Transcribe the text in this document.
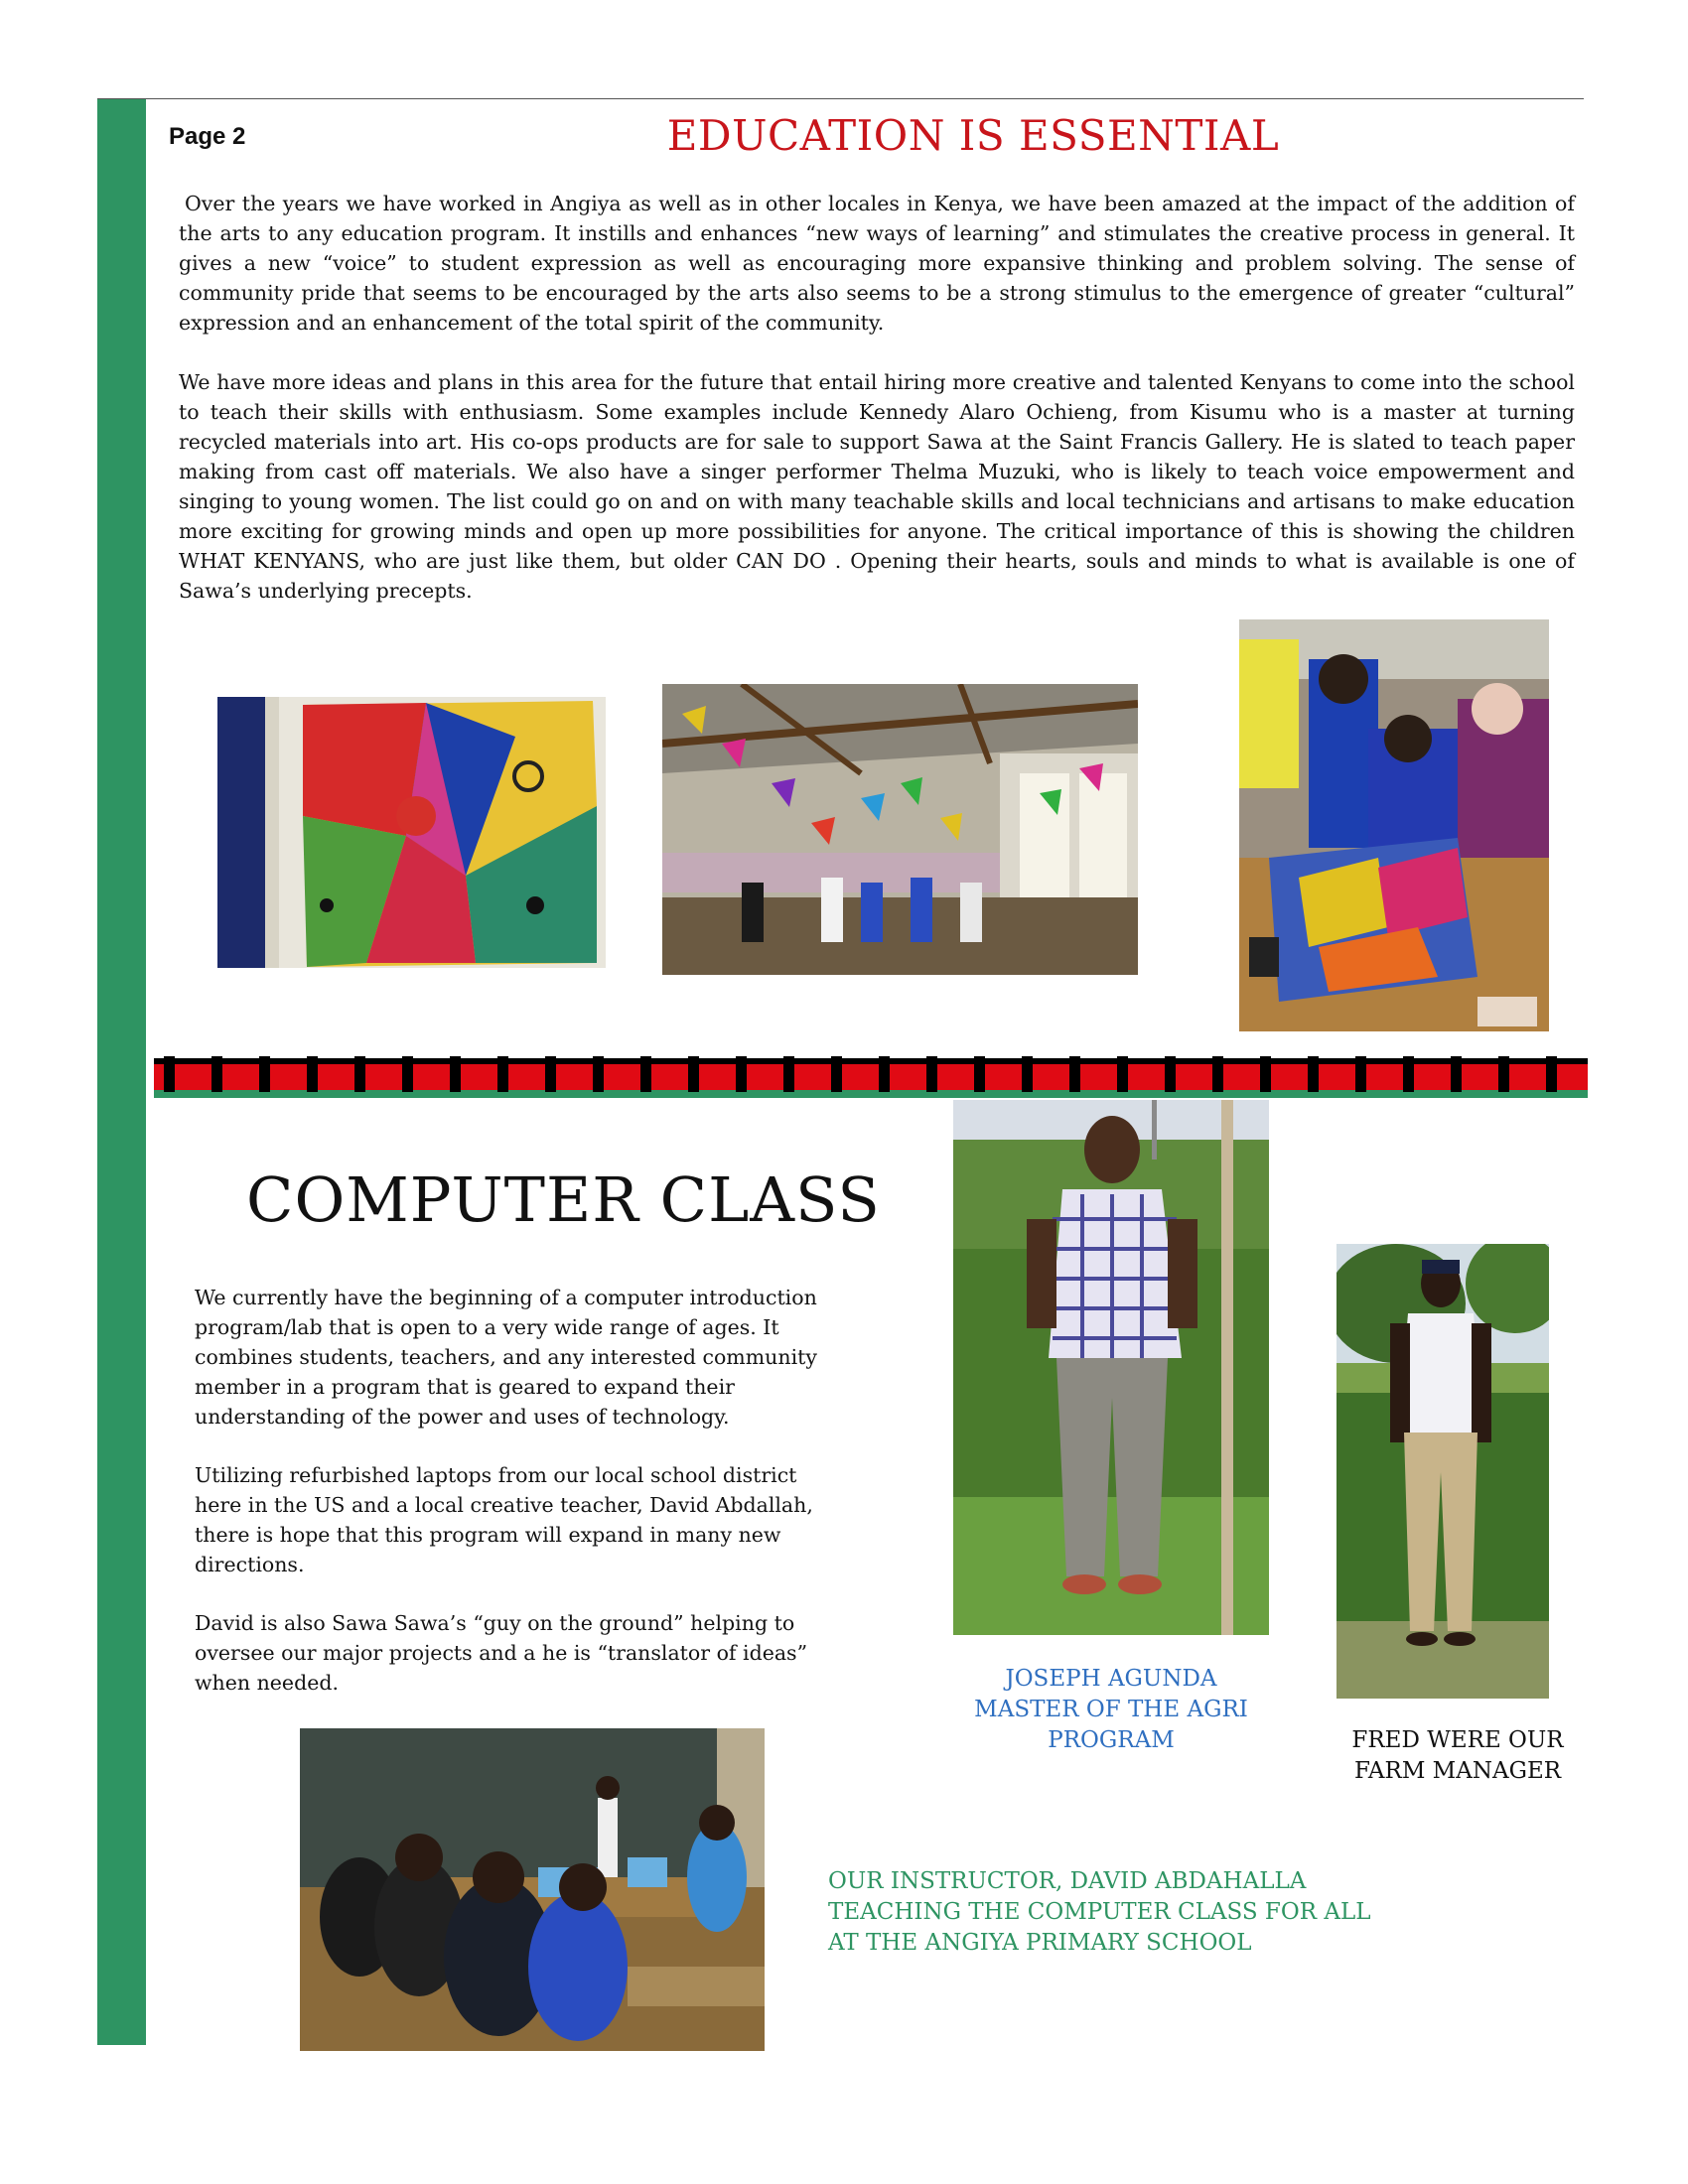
Page 2	EDUCATION IS ESSENTIAL

Over the years we have worked in Angiya as well as in other locales in Kenya, we have been amazed at the impact of the addition of the arts to any education program. It instills and enhances “new ways of learning” and stimulates the creative process in general. It gives a new “voice” to student expression as well as encouraging more expansive thinking and problem solving. The sense of community pride that seems to be encouraged by the arts also seems to be a strong stimulus to the emergence of greater “cultural” expression and an enhancement of the total spirit of the community.

We have more ideas and plans in this area for the future that entail hiring more creative and talented Kenyans to come into the school to teach their skills with enthusiasm. Some examples include Kennedy Alaro Ochieng, from Kisumu who is a master at turning recycled materials into art. His co-ops products are for sale to support Sawa at the Saint Francis Gallery. He is slated to teach paper making from cast off materials. We also have a singer performer Thelma Muzuki, who is likely to teach voice empowerment and singing to young women. The list could go on and on with many teachable skills and local technicians and artisans to make education more exciting for growing minds and open up more possibilities for anyone. The critical importance of this is showing the children WHAT KENYANS, who are just like them, but older CAN DO . Opening their hearts, souls and minds to what is available is one of Sawa’s underlying precepts.

COMPUTER CLASS

We currently have the beginning of a computer introduction program/lab that is open to a very wide range of ages. It combines students, teachers, and any interested community member in a program that is geared to expand their understanding of the power and uses of technology.

Utilizing refurbished laptops from our local school district here in the US and a local creative teacher, David Abdallah, there is hope that this program will expand in many new directions.

David is also Sawa Sawa’s “guy on the ground” helping to oversee our major projects and a he is “translator of ideas” when needed.	JOSEPH AGUNDA MASTER OF THE AGRI PROGRAM	FRED WERE OUR FARM MANAGER
OUR INSTRUCTOR, DAVID ABDAHALLA TEACHING THE COMPUTER CLASS FOR ALL AT THE ANGIYA PRIMARY SCHOOL
